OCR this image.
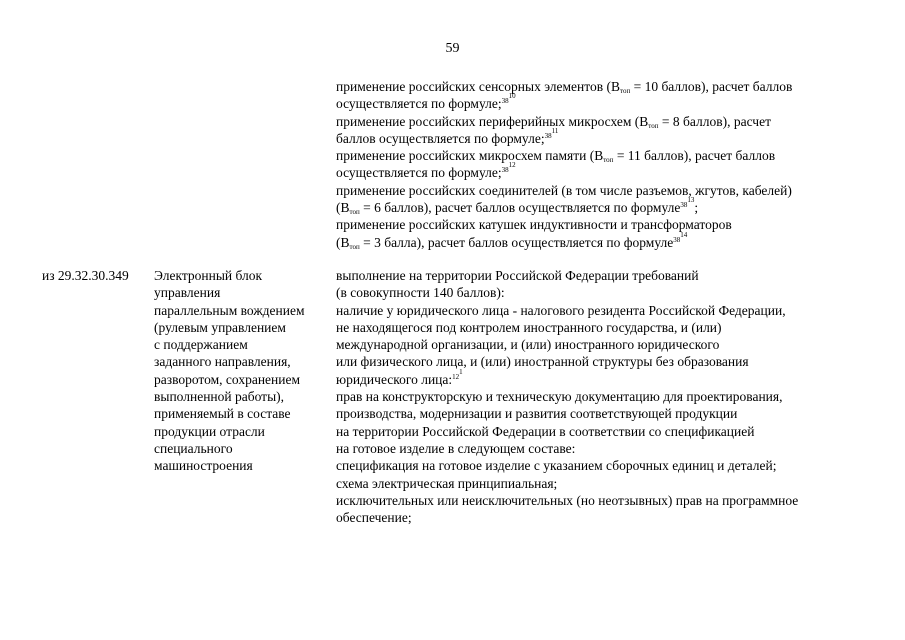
59
применение российских сенсорных элементов ($В_{топ} = 10$ баллов), расчет баллов
осуществляется по формуле;$^{38^{10}}$
применение российских периферийных микросхем ($В_{топ} = 8$ баллов), расчет
баллов осуществляется по формуле;$^{38^{11}}$
применение российских микросхем памяти ($В_{топ} = 11$ баллов), расчет баллов
осуществляется по формуле;$^{38^{12}}$
применение российских соединителей (в том числе разъемов, жгутов, кабелей)
($В_{топ} = 6$ баллов), расчет баллов осуществляется по формуле$^{38^{13}}$;
применение российских катушек индуктивности и трансформаторов
($В_{топ} = 3$ балла), расчет баллов осуществляется по формуле$^{38^{14}}$
из 29.32.30.349	Электронный блок
управления
параллельным вождением
(рулевым управлением
с поддержанием
заданного направления,
разворотом, сохранением
выполненной работы),
применяемый в составе
продукции отрасли
специального
машиностроения
выполнение на территории Российской Федерации требований
(в совокупности 140 баллов):
наличие у юридического лица - налогового резидента Российской Федерации,
не находящегося под контролем иностранного государства, и (или)
международной организации, и (или) иностранного юридического
или физического лица, и (или) иностранной структуры без образования
юридического лица:$^{12^1}$
прав на конструкторскую и техническую документацию для проектирования,
производства, модернизации и развития соответствующей продукции
на территории Российской Федерации в соответствии со спецификацией
на готовое изделие в следующем составе:
спецификация на готовое изделие с указанием сборочных единиц и деталей;
схема электрическая принципиальная;
исключительных или неисключительных (но неотзывных) прав на программное
обеспечение;
